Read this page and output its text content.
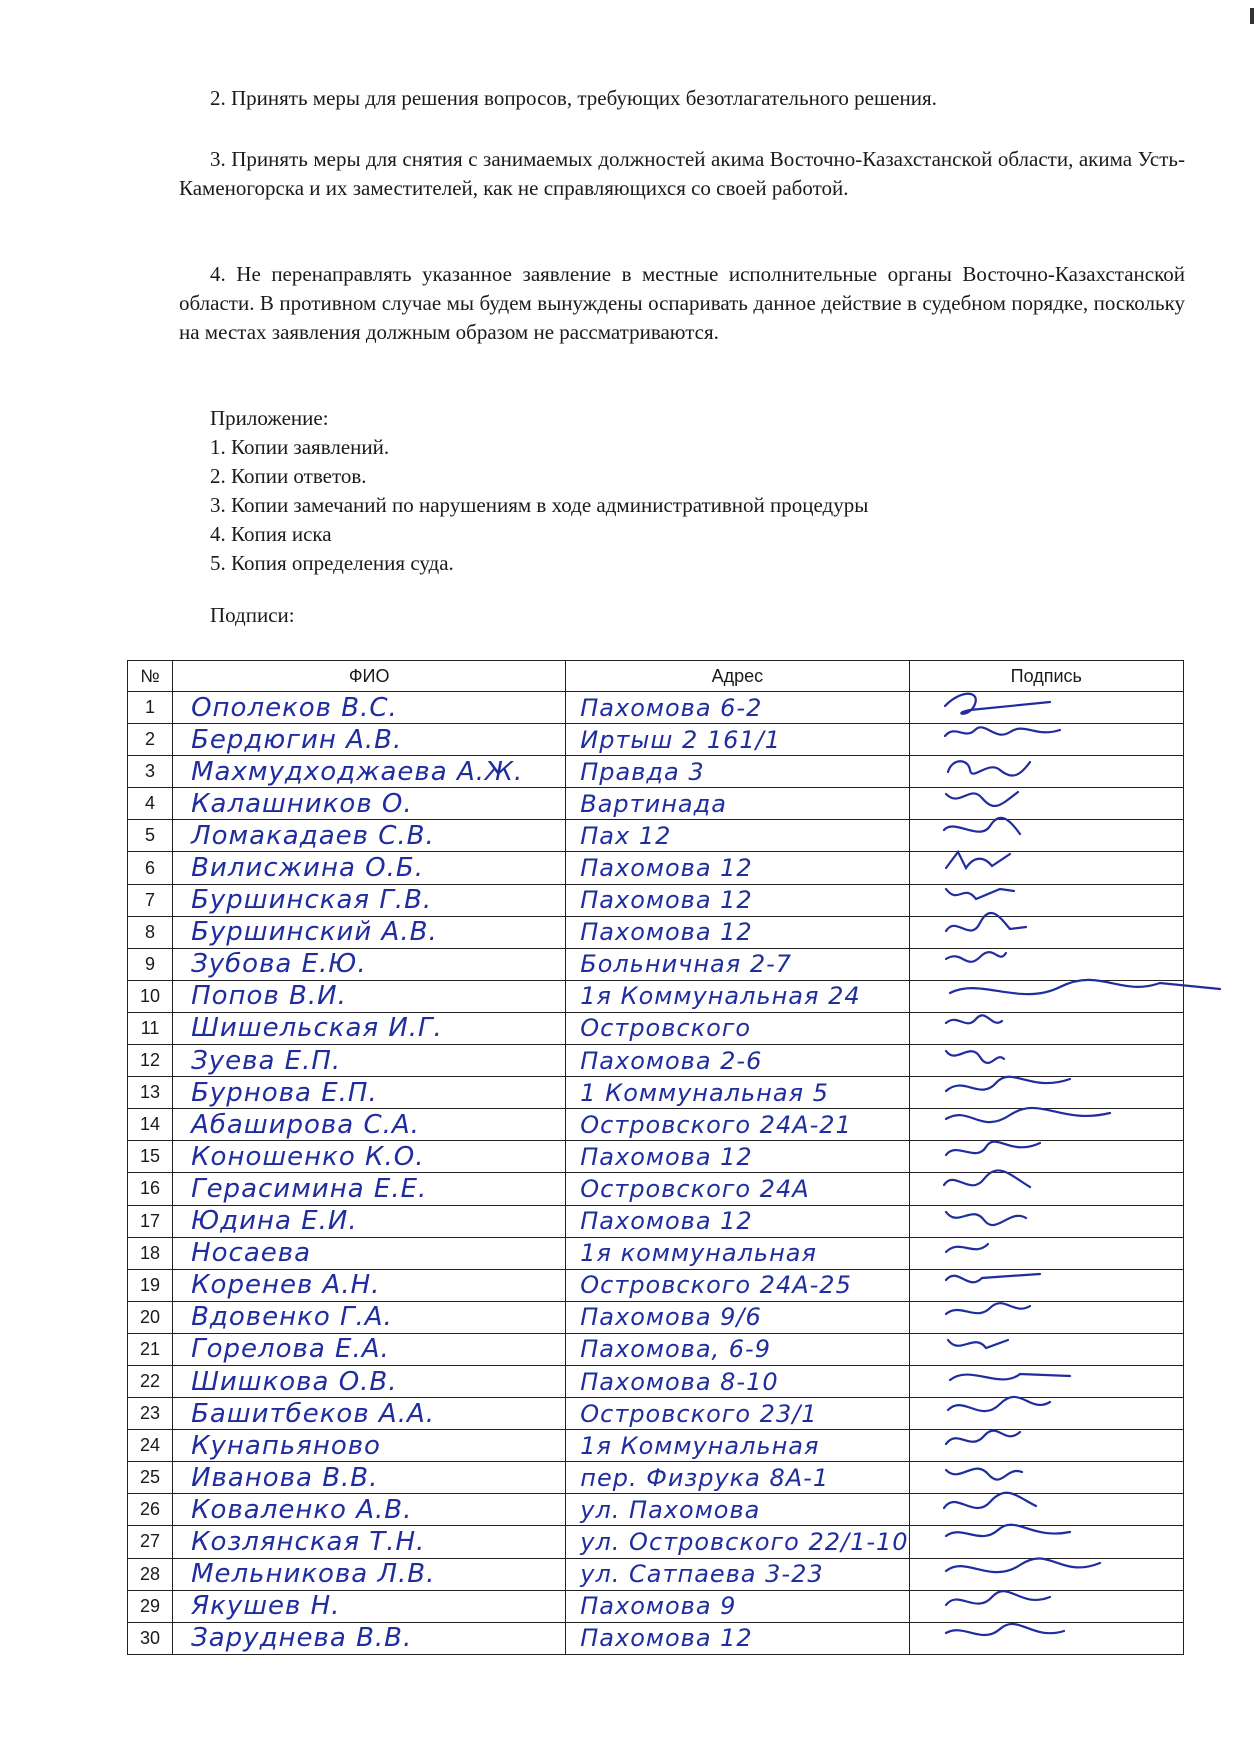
2. Принять меры для решения вопросов, требующих безотлагательного решения.
3. Принять меры для снятия с занимаемых должностей акима Восточно-Казахстанской области, акима Усть-Каменогорска и их заместителей, как не справляющихся со своей работой.
4. Не перенаправлять указанное заявление в местные исполнительные органы Восточно-Казахстанской области. В противном случае мы будем вынуждены оспаривать данное действие в судебном порядке, поскольку на местах заявления должным образом не рассматриваются.
Приложение:
1. Копии заявлений.
2. Копии ответов.
3. Копии замечаний по нарушениям в ходе административной процедуры
4. Копия иска
5. Копия определения суда.
Подписи:
№	ФИО	Адрес	Подпись
1	Ополеков В.С.	Пахомова 6-2	

2	Бердюгин А.В.	Иртыш 2 161/1	

3	Махмудходжаева А.Ж.	Правда 3	

4	Калашников О.	Вартинада	

5	Ломакадаев С.В.	Пах 12	

6	Вилисжина О.Б.	Пахомова 12	

7	Буршинская Г.В.	Пахомова 12	

8	Буршинский А.В.	Пахомова 12	

9	Зубова Е.Ю.	Больничная 2-7	

10	Попов В.И.	1я Коммунальная 24	

11	Шишельская И.Г.	Островского	

12	Зуева Е.П.	Пахомова 2-6	

13	Бурнова Е.П.	1 Коммунальная 5	

14	Абаширова С.А.	Островского 24А-21	

15	Коношенко К.О.	Пахомова 12	

16	Герасимина Е.Е.	Островского 24А	

17	Юдина Е.И.	Пахомова 12	

18	Носаева	1я коммунальная	

19	Коренев А.Н.	Островского 24А-25	

20	Вдовенко Г.А.	Пахомова 9/6	

21	Горелова Е.А.	Пахомова, 6-9	

22	Шишкова О.В.	Пахомова 8-10	

23	Башитбеков А.А.	Островского 23/1	

24	Кунапьяново	1я Коммунальная	

25	Иванова В.В.	пер. Физрука 8А-1	

26	Коваленко А.В.	ул. Пахомова	

27	Козлянская Т.Н.	ул. Островского 22/1-10	

28	Мельникова Л.В.	ул. Сатпаева 3-23	

29	Якушев Н.	Пахомова 9	

30	Заруднева В.В.	Пахомова 12	
